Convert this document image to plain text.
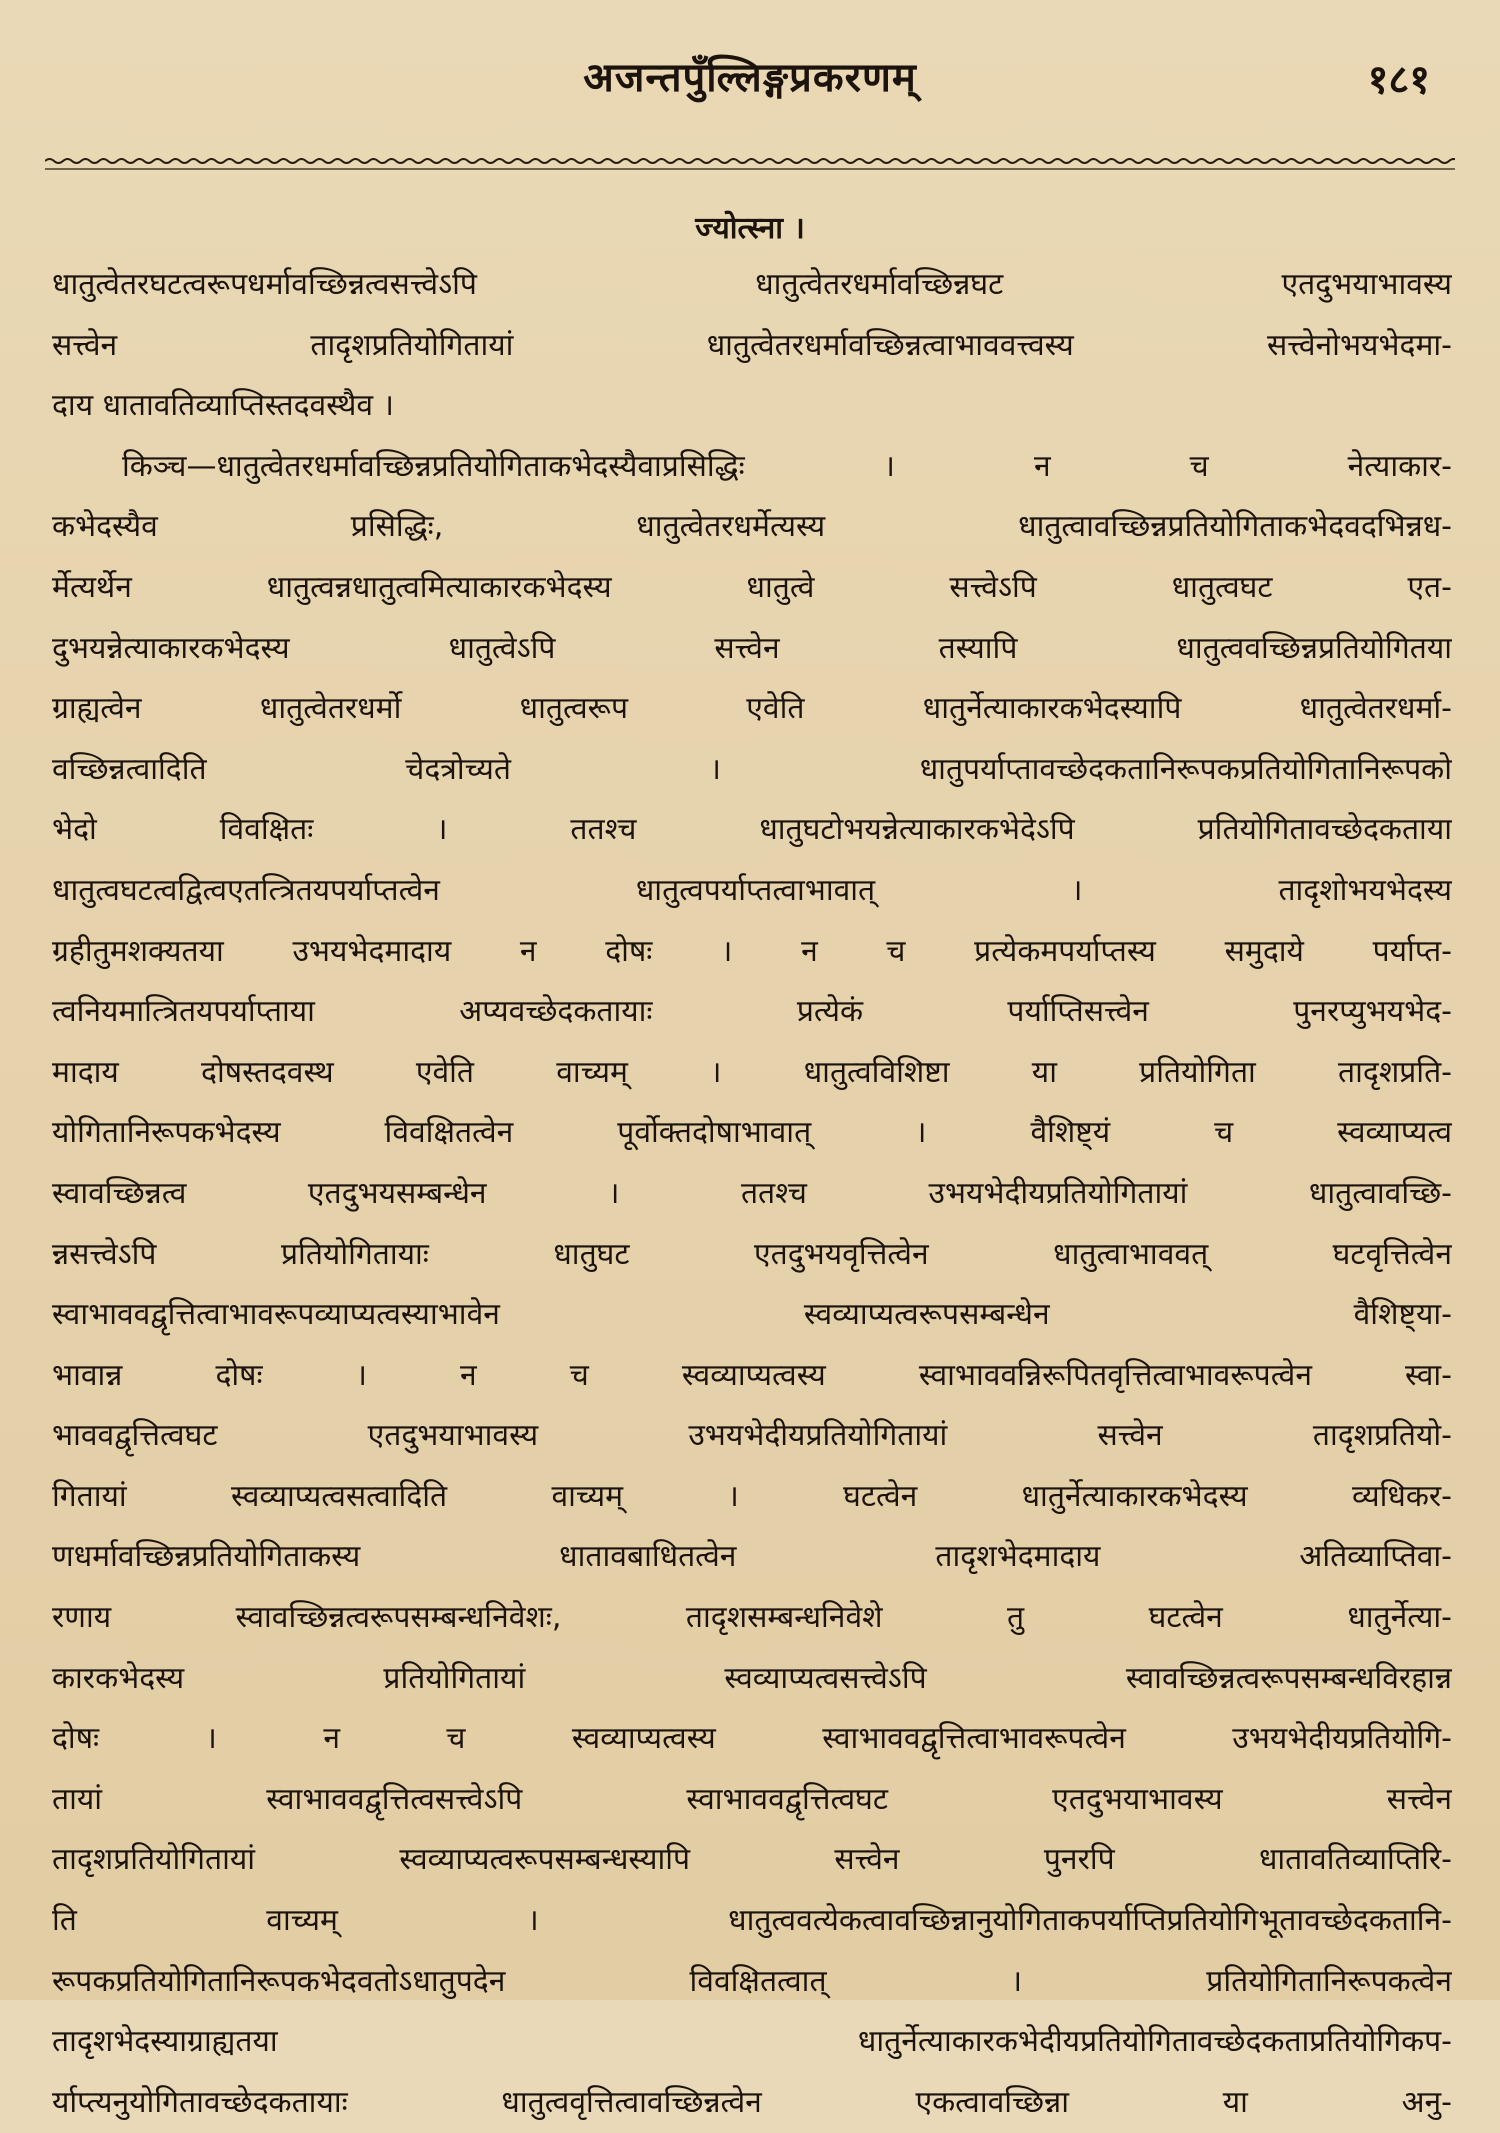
अजन्तपुँल्लिङ्गप्रकरणम्	१८१
ज्योत्स्ना ।
धातुत्वेतरघटत्वरूपधर्मावच्छिन्नत्वसत्त्वेऽपि धातुत्वेतरधर्मावच्छिन्नघट एतदुभयाभावस्य
सत्त्वेन तादृशप्रतियोगितायां धातुत्वेतरधर्मावच्छिन्नत्वाभाववत्त्वस्य सत्त्वेनोभयभेदमा-
दाय धातावतिव्याप्तिस्तदवस्थैव ।
किञ्च—धातुत्वेतरधर्मावच्छिन्नप्रतियोगिताकभेदस्यैवाप्रसिद्धिः । न च नेत्याकार-
कभेदस्यैव प्रसिद्धिः, धातुत्वेतरधर्मेत्यस्य धातुत्वावच्छिन्नप्रतियोगिताकभेदवदभिन्नध-
र्मेत्यर्थेन धातुत्वन्नधातुत्वमित्याकारकभेदस्य धातुत्वे सत्त्वेऽपि धातुत्वघट एत-
दुभयन्नेत्याकारकभेदस्य धातुत्वेऽपि सत्त्वेन तस्यापि धातुत्ववच्छिन्नप्रतियोगितया
ग्राह्यत्वेन धातुत्वेतरधर्मो धातुत्वरूप एवेति धातुर्नेत्याकारकभेदस्यापि धातुत्वेतरधर्मा-
वच्छिन्नत्वादिति चेदत्रोच्यते । धातुपर्याप्तावच्छेदकतानिरूपकप्रतियोगितानिरूपको
भेदो विवक्षितः । ततश्च धातुघटोभयन्नेत्याकारकभेदेऽपि प्रतियोगितावच्छेदकताया
धातुत्वघटत्वद्वित्वएतत्त्रितयपर्याप्तत्वेन धातुत्वपर्याप्तत्वाभावात् । तादृशोभयभेदस्य
ग्रहीतुमशक्यतया उभयभेदमादाय न दोषः । न च प्रत्येकमपर्याप्तस्य समुदाये पर्याप्त-
त्वनियमात्त्रितयपर्याप्ताया अप्यवच्छेदकतायाः प्रत्येकं पर्याप्तिसत्त्वेन पुनरप्युभयभेद-
मादाय दोषस्तदवस्थ एवेति वाच्यम् । धातुत्वविशिष्टा या प्रतियोगिता तादृशप्रति-
योगितानिरूपकभेदस्य विवक्षितत्वेन पूर्वोक्तदोषाभावात् । वैशिष्ट्यं च स्वव्याप्यत्व
स्वावच्छिन्नत्व एतदुभयसम्बन्धेन । ततश्च उभयभेदीयप्रतियोगितायां धातुत्वावच्छि-
न्नसत्त्वेऽपि प्रतियोगितायाः धातुघट एतदुभयवृत्तित्वेन धातुत्वाभाववत् घटवृत्तित्वेन
स्वाभाववद्वृत्तित्वाभावरूपव्याप्यत्वस्याभावेन स्वव्याप्यत्वरूपसम्बन्धेन वैशिष्ट्या-
भावान्न दोषः । न च स्वव्याप्यत्वस्य स्वाभाववन्निरूपितवृत्तित्वाभावरूपत्वेन स्वा-
भाववद्वृत्तित्वघट एतदुभयाभावस्य उभयभेदीयप्रतियोगितायां सत्त्वेन तादृशप्रतियो-
गितायां स्वव्याप्यत्वसत्वादिति वाच्यम् । घटत्वेन धातुर्नेत्याकारकभेदस्य व्यधिकर-
णधर्मावच्छिन्नप्रतियोगिताकस्य धातावबाधितत्वेन तादृशभेदमादाय अतिव्याप्तिवा-
रणाय स्वावच्छिन्नत्वरूपसम्बन्धनिवेशः, तादृशसम्बन्धनिवेशे तु घटत्वेन धातुर्नेत्या-
कारकभेदस्य प्रतियोगितायां स्वव्याप्यत्वसत्त्वेऽपि स्वावच्छिन्नत्वरूपसम्बन्धविरहान्न
दोषः । न च स्वव्याप्यत्वस्य स्वाभाववद्वृत्तित्वाभावरूपत्वेन उभयभेदीयप्रतियोगि-
तायां स्वाभाववद्वृत्तित्वसत्त्वेऽपि स्वाभाववद्वृत्तित्वघट एतदुभयाभावस्य सत्त्वेन
तादृशप्रतियोगितायां स्वव्याप्यत्वरूपसम्बन्धस्यापि सत्त्वेन पुनरपि धातावतिव्याप्तिरि-
ति वाच्यम् । धातुत्ववत्येकत्वावच्छिन्नानुयोगिताकपर्याप्तिप्रतियोगिभूतावच्छेदकतानि-
रूपकप्रतियोगितानिरूपकभेदवतोऽधातुपदेन विवक्षितत्वात् । प्रतियोगितानिरूपकत्वेन
तादृशभेदस्याग्राह्यतया धातुर्नेत्याकारकभेदीयप्रतियोगितावच्छेदकताप्रतियोगिकप-
र्याप्त्यनुयोगितावच्छेदकतायाः धातुत्ववृत्तित्वावच्छिन्नत्वेन एकत्वावच्छिन्ना या अनु-
